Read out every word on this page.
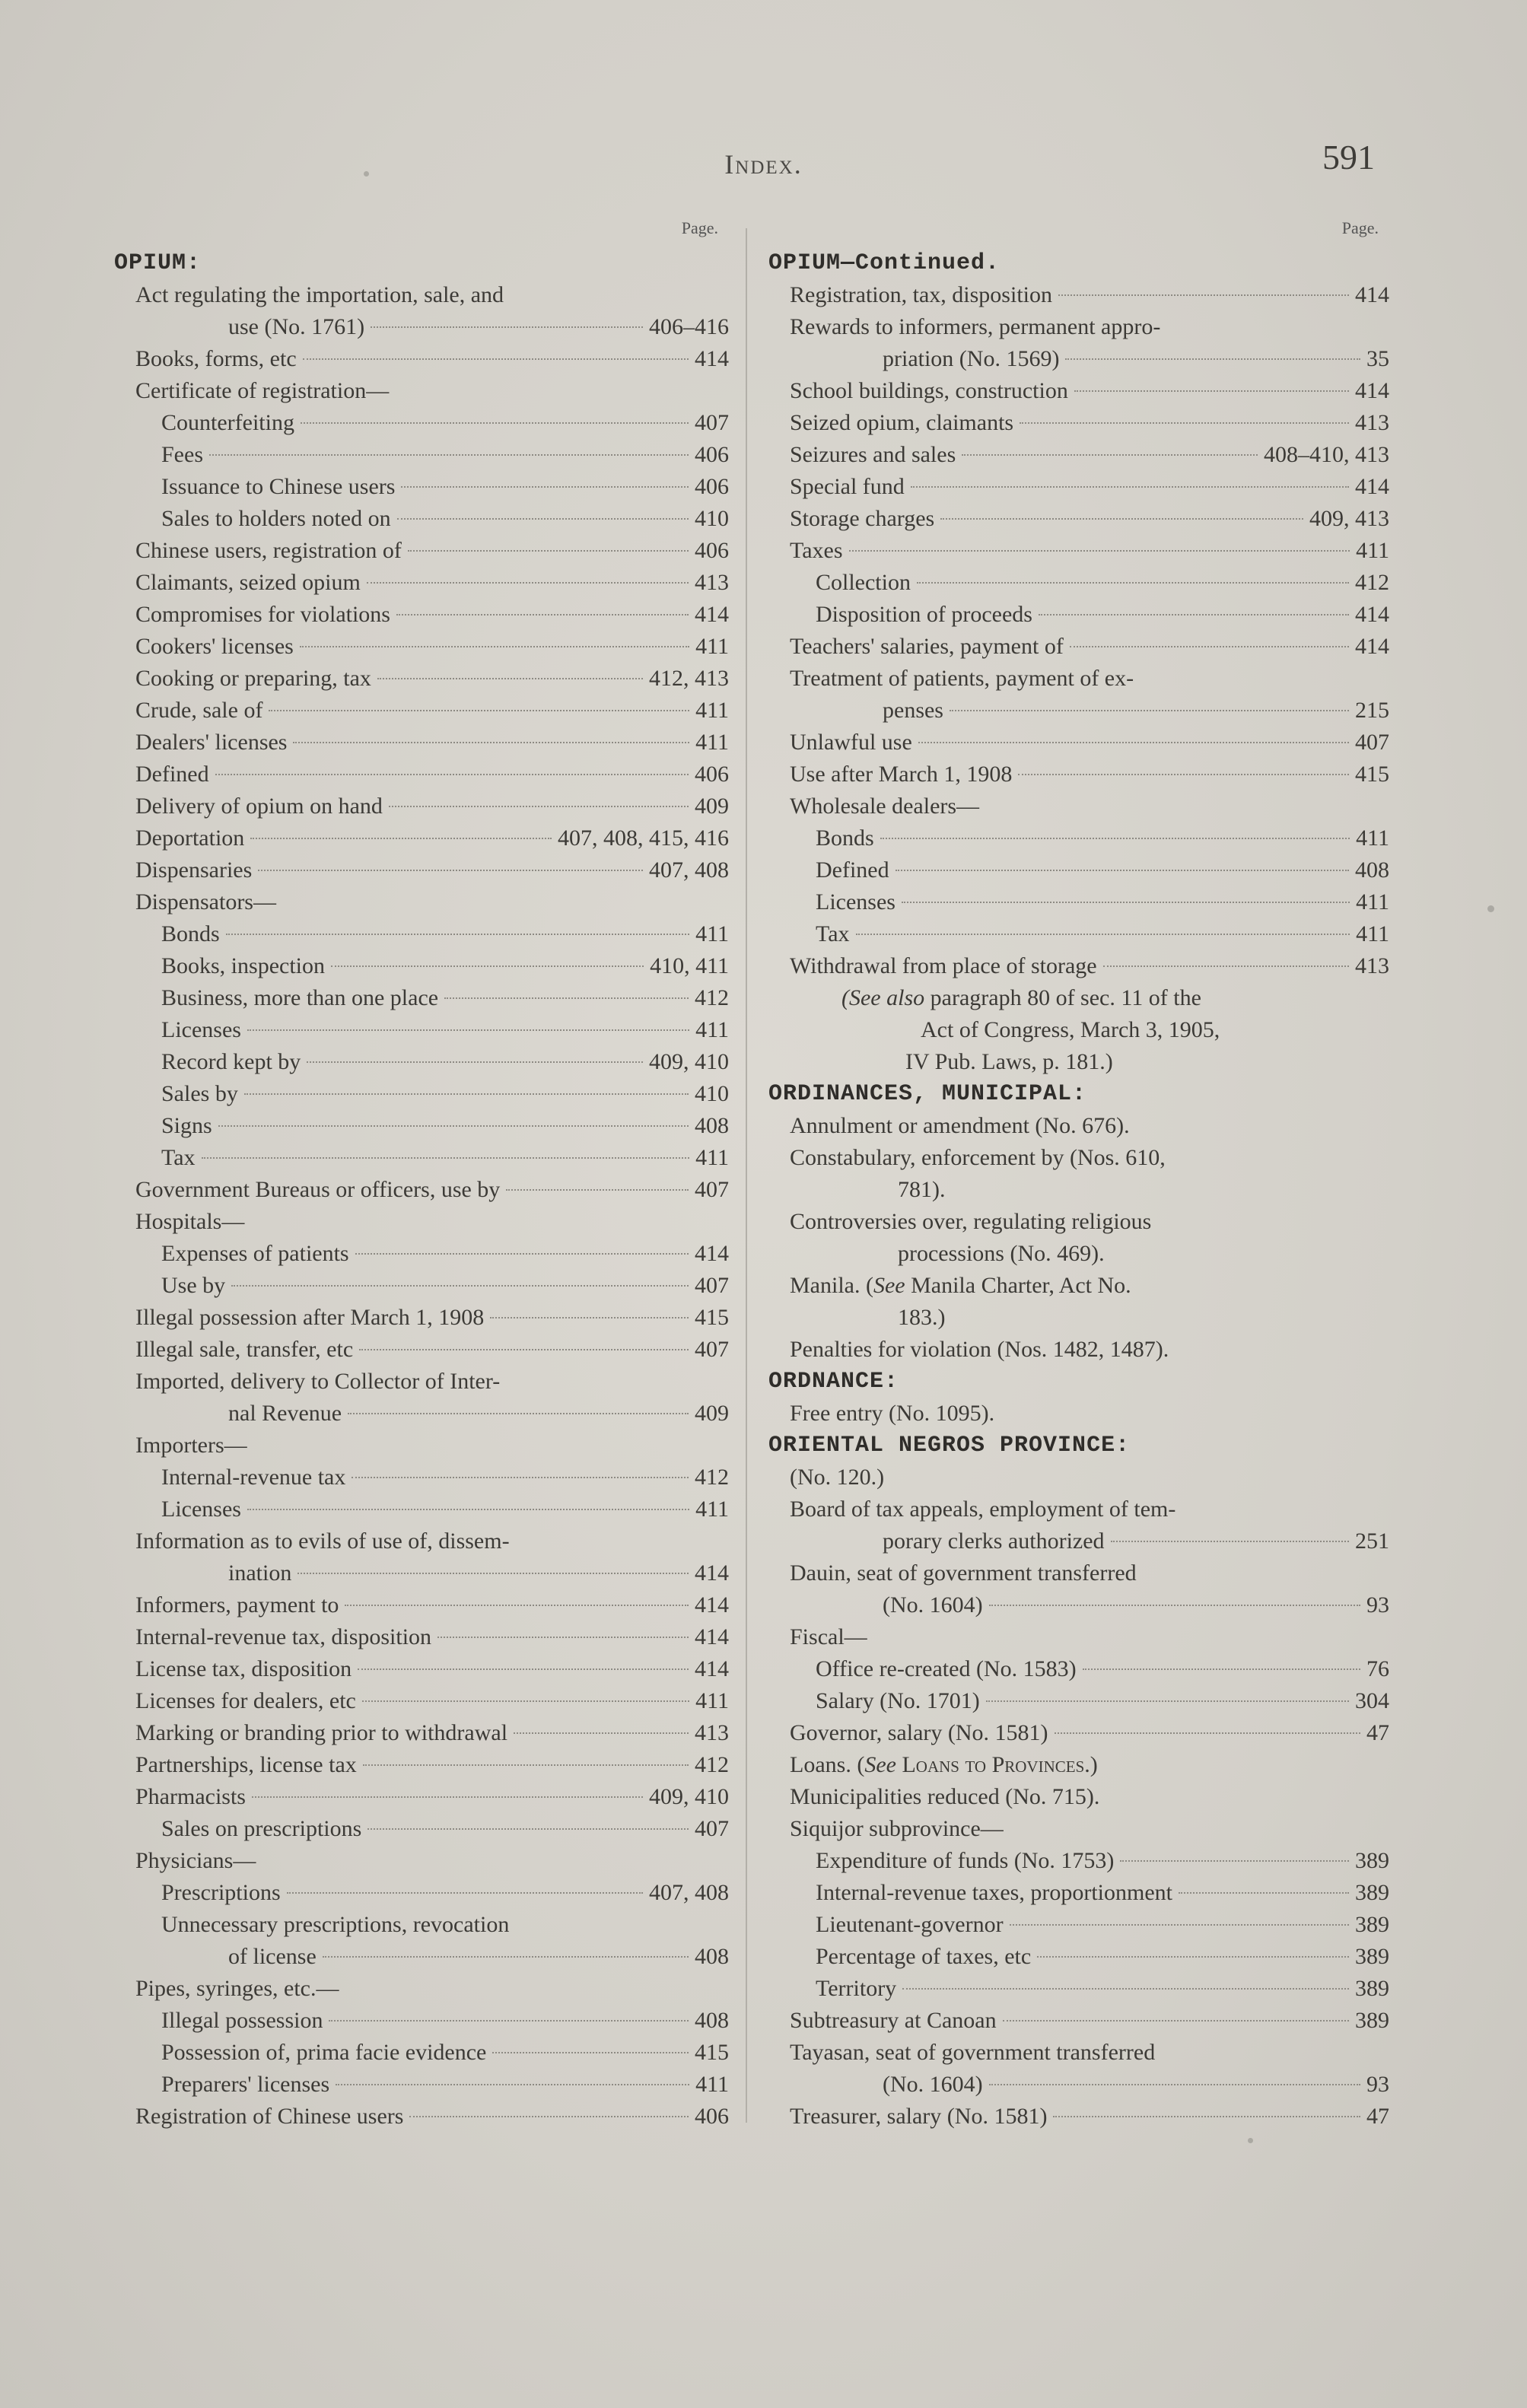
Index.	591
Page.
OPIUM:
Act regulating the importation, sale, and
use (No. 1761)	406–416
Books, forms, etc	414
Certificate of registration—
Counterfeiting	407
Fees	406
Issuance to Chinese users	406
Sales to holders noted on	410
Chinese users, registration of	406
Claimants, seized opium	413
Compromises for violations	414
Cookers' licenses	411
Cooking or preparing, tax	412, 413
Crude, sale of	411
Dealers' licenses	411
Defined	406
Delivery of opium on hand	409
Deportation	407, 408, 415, 416
Dispensaries	407, 408
Dispensators—
Bonds	411
Books, inspection	410, 411
Business, more than one place	412
Licenses	411
Record kept by	409, 410
Sales by	410
Signs	408
Tax	411
Government Bureaus or officers, use by	407
Hospitals—
Expenses of patients	414
Use by	407
Illegal possession after March 1, 1908	415
Illegal sale, transfer, etc	407
Imported, delivery to Collector of Inter-
nal Revenue	409
Importers—
Internal-revenue tax	412
Licenses	411
Information as to evils of use of, dissem-
ination	414
Informers, payment to	414
Internal-revenue tax, disposition	414
License tax, disposition	414
Licenses for dealers, etc	411
Marking or branding prior to withdrawal	413
Partnerships, license tax	412
Pharmacists	409, 410
Sales on prescriptions	407
Physicians—
Prescriptions	407, 408
Unnecessary prescriptions, revocation
of license	408
Pipes, syringes, etc.—
Illegal possession	408
Possession of, prima facie evidence	415
Preparers' licenses	411
Registration of Chinese users	406
Page.
OPIUM—Continued.
Registration, tax, disposition	414
Rewards to informers, permanent appro-
priation (No. 1569)	35
School buildings, construction	414
Seized opium, claimants	413
Seizures and sales	408–410, 413
Special fund	414
Storage charges	409, 413
Taxes	411
Collection	412
Disposition of proceeds	414
Teachers' salaries, payment of	414
Treatment of patients, payment of ex-
penses	215
Unlawful use	407
Use after March 1, 1908	415
Wholesale dealers—
Bonds	411
Defined	408
Licenses	411
Tax	411
Withdrawal from place of storage	413
(See also paragraph 80 of sec. 11 of the
Act of Congress, March 3, 1905,
IV Pub. Laws, p. 181.)
ORDINANCES, MUNICIPAL:
Annulment or amendment (No. 676).
Constabulary, enforcement by (Nos. 610,
781).
Controversies over, regulating religious
processions (No. 469).
Manila. (See Manila Charter, Act No.
183.)
Penalties for violation (Nos. 1482, 1487).
ORDNANCE:
Free entry (No. 1095).
ORIENTAL NEGROS PROVINCE:
(No. 120.)
Board of tax appeals, employment of tem-
porary clerks authorized	251
Dauin, seat of government transferred
(No. 1604)	93
Fiscal—
Office re-created (No. 1583)	76
Salary (No. 1701)	304
Governor, salary (No. 1581)	47
Loans. (See Loans to Provinces.)
Municipalities reduced (No. 715).
Siquijor subprovince—
Expenditure of funds (No. 1753)	389
Internal-revenue taxes, proportionment	389
Lieutenant-governor	389
Percentage of taxes, etc	389
Territory	389
Subtreasury at Canoan	389
Tayasan, seat of government transferred
(No. 1604)	93
Treasurer, salary (No. 1581)	47
